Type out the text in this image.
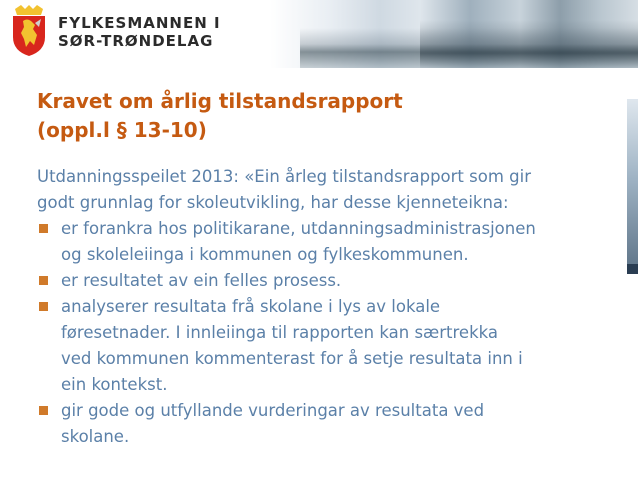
FYLKESMANNEN I
SØR-TRØNDELAG
Kravet om årlig tilstandsrapport
(oppl.l § 13-10)
Utdanningsspeilet 2013: «Ein årleg tilstandsrapport som gir
godt grunnlag for skoleutvikling, har desse kjenneteikna:
er forankra hos politikarane, utdanningsadministrasjonen
og skoleleiinga i kommunen og fylkeskommunen.
er resultatet av ein felles prosess.
analyserer resultata frå skolane i lys av lokale
føresetnader. I innleiinga til rapporten kan særtrekka
ved kommunen kommenterast for å setje resultata inn i
ein kontekst.
gir gode og utfyllande vurderingar av resultata ved
skolane.
